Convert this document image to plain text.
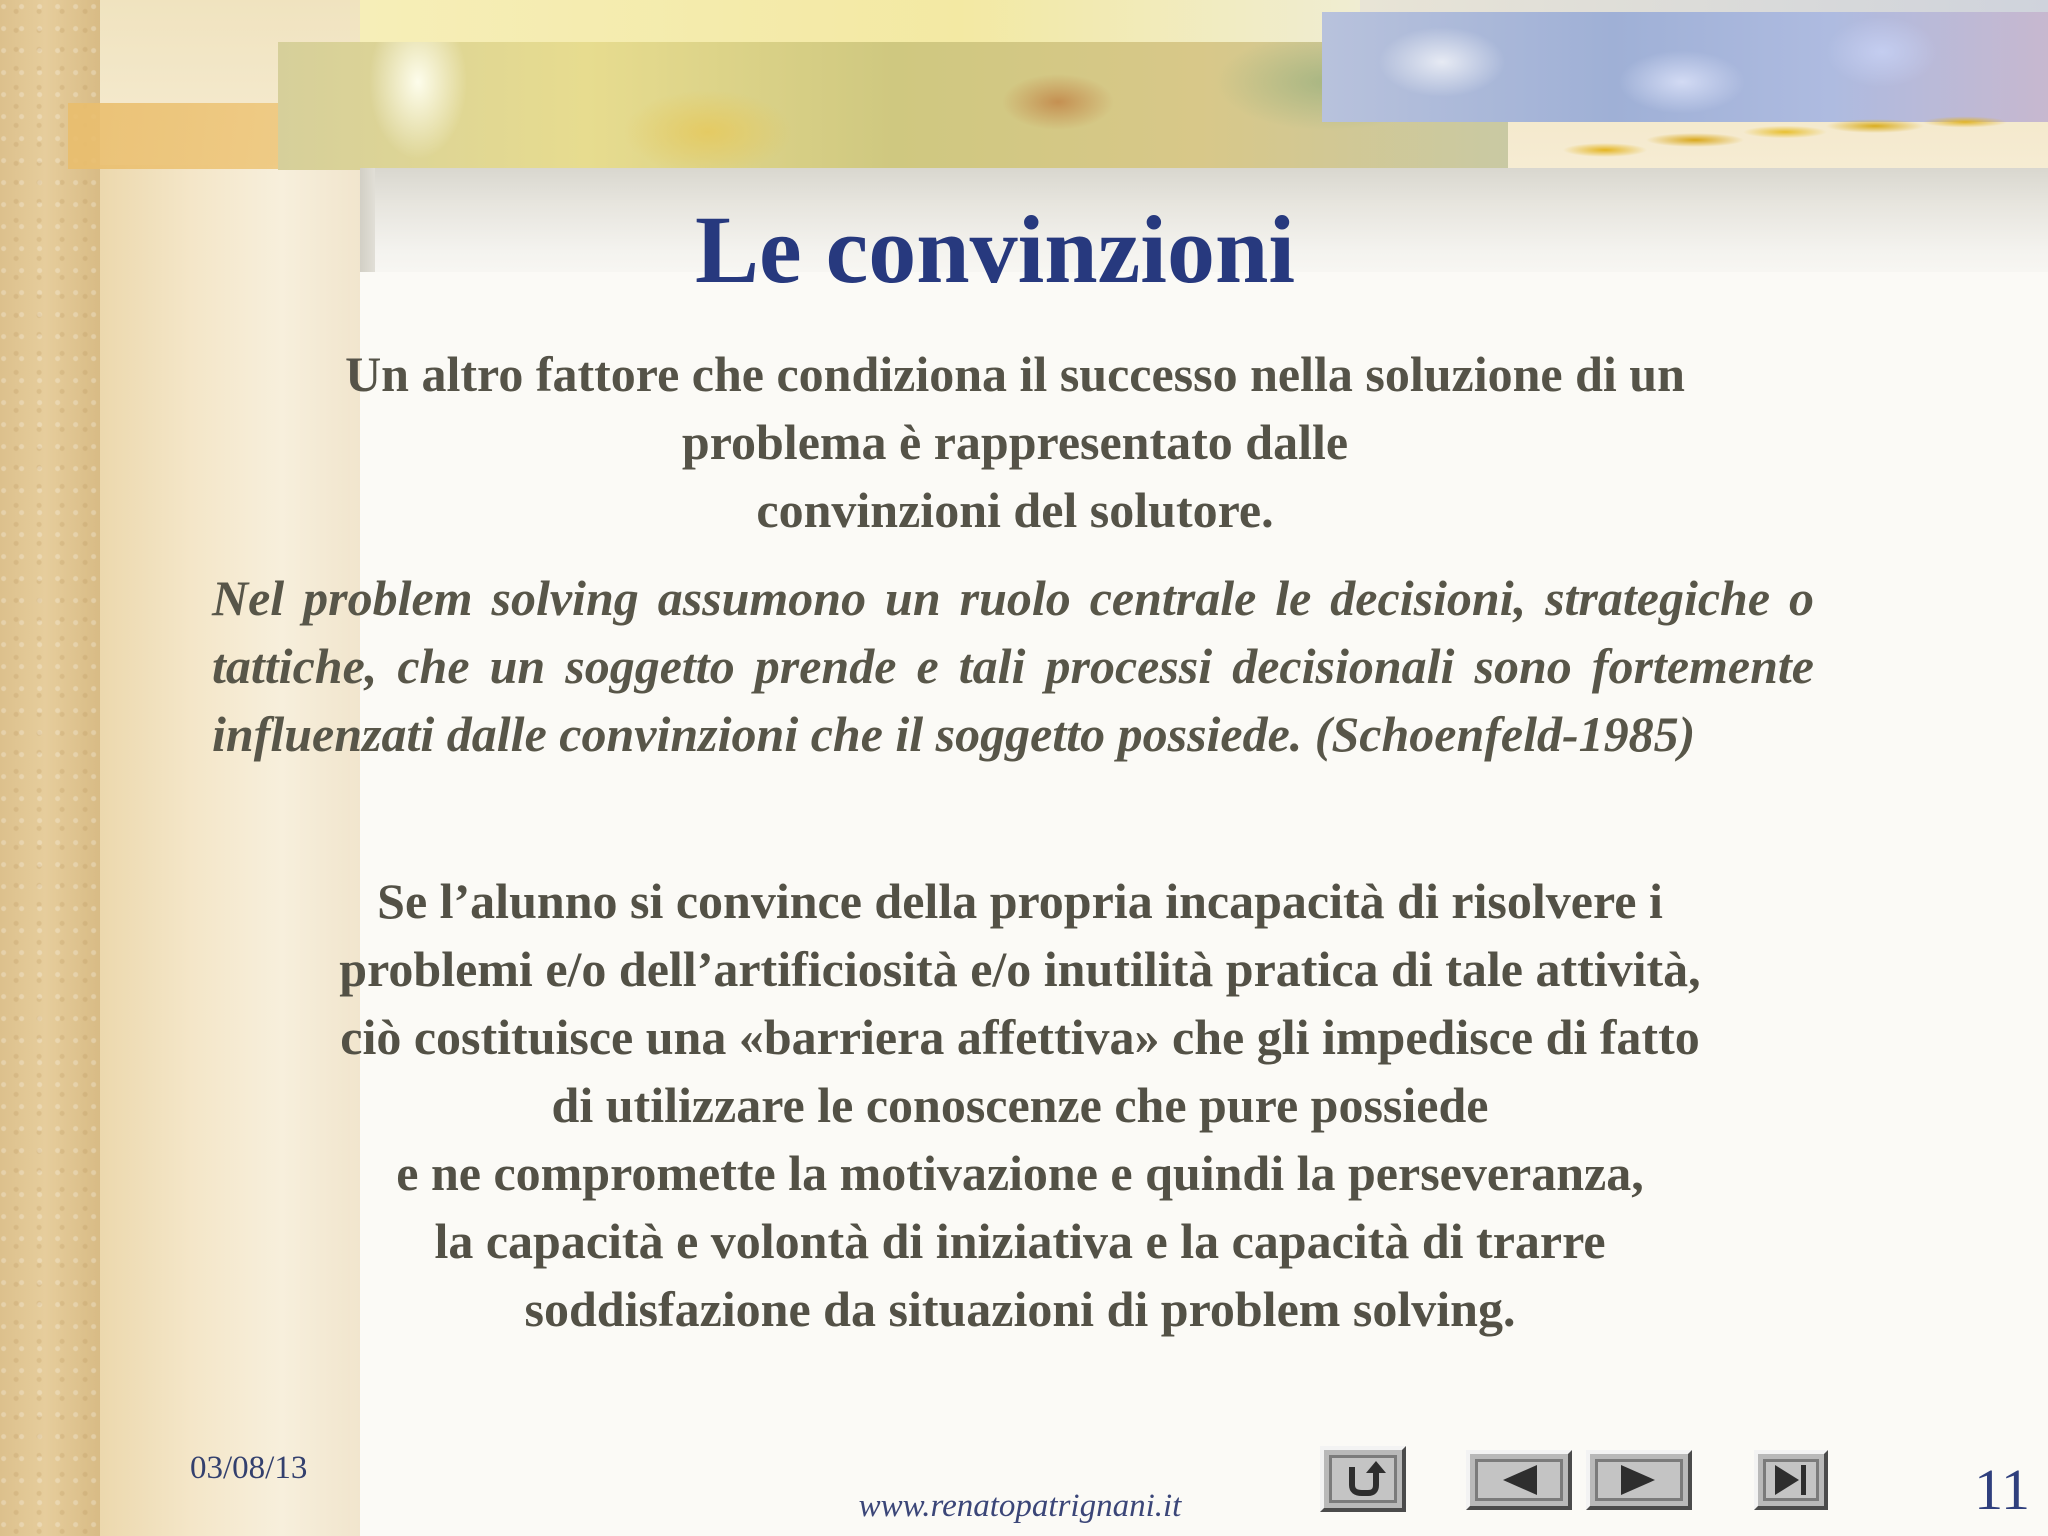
Le convinzioni

Un altro fattore che condiziona il successo nella soluzione di un
problema è rappresentato dalle
convinzioni del solutore.

Nel problem solving assumono un ruolo centrale le decisioni, strategiche o tattiche, che un soggetto prende e tali processi decisionali sono fortemente influenzati dalle convinzioni che il soggetto possiede. (Schoenfeld-1985)

Se l’alunno si convince della propria incapacità di risolvere i
problemi e/o dell’artificiosità e/o inutilità pratica di tale attività,
ciò costituisce una «barriera affettiva» che gli impedisce di fatto
di utilizzare le conoscenze che pure possiede
e ne compromette la motivazione e quindi la perseveranza,
la capacità e volontà di iniziativa e la capacità di trarre
soddisfazione da situazioni di problem solving.

03/08/13
www.renatopatrignani.it	11
